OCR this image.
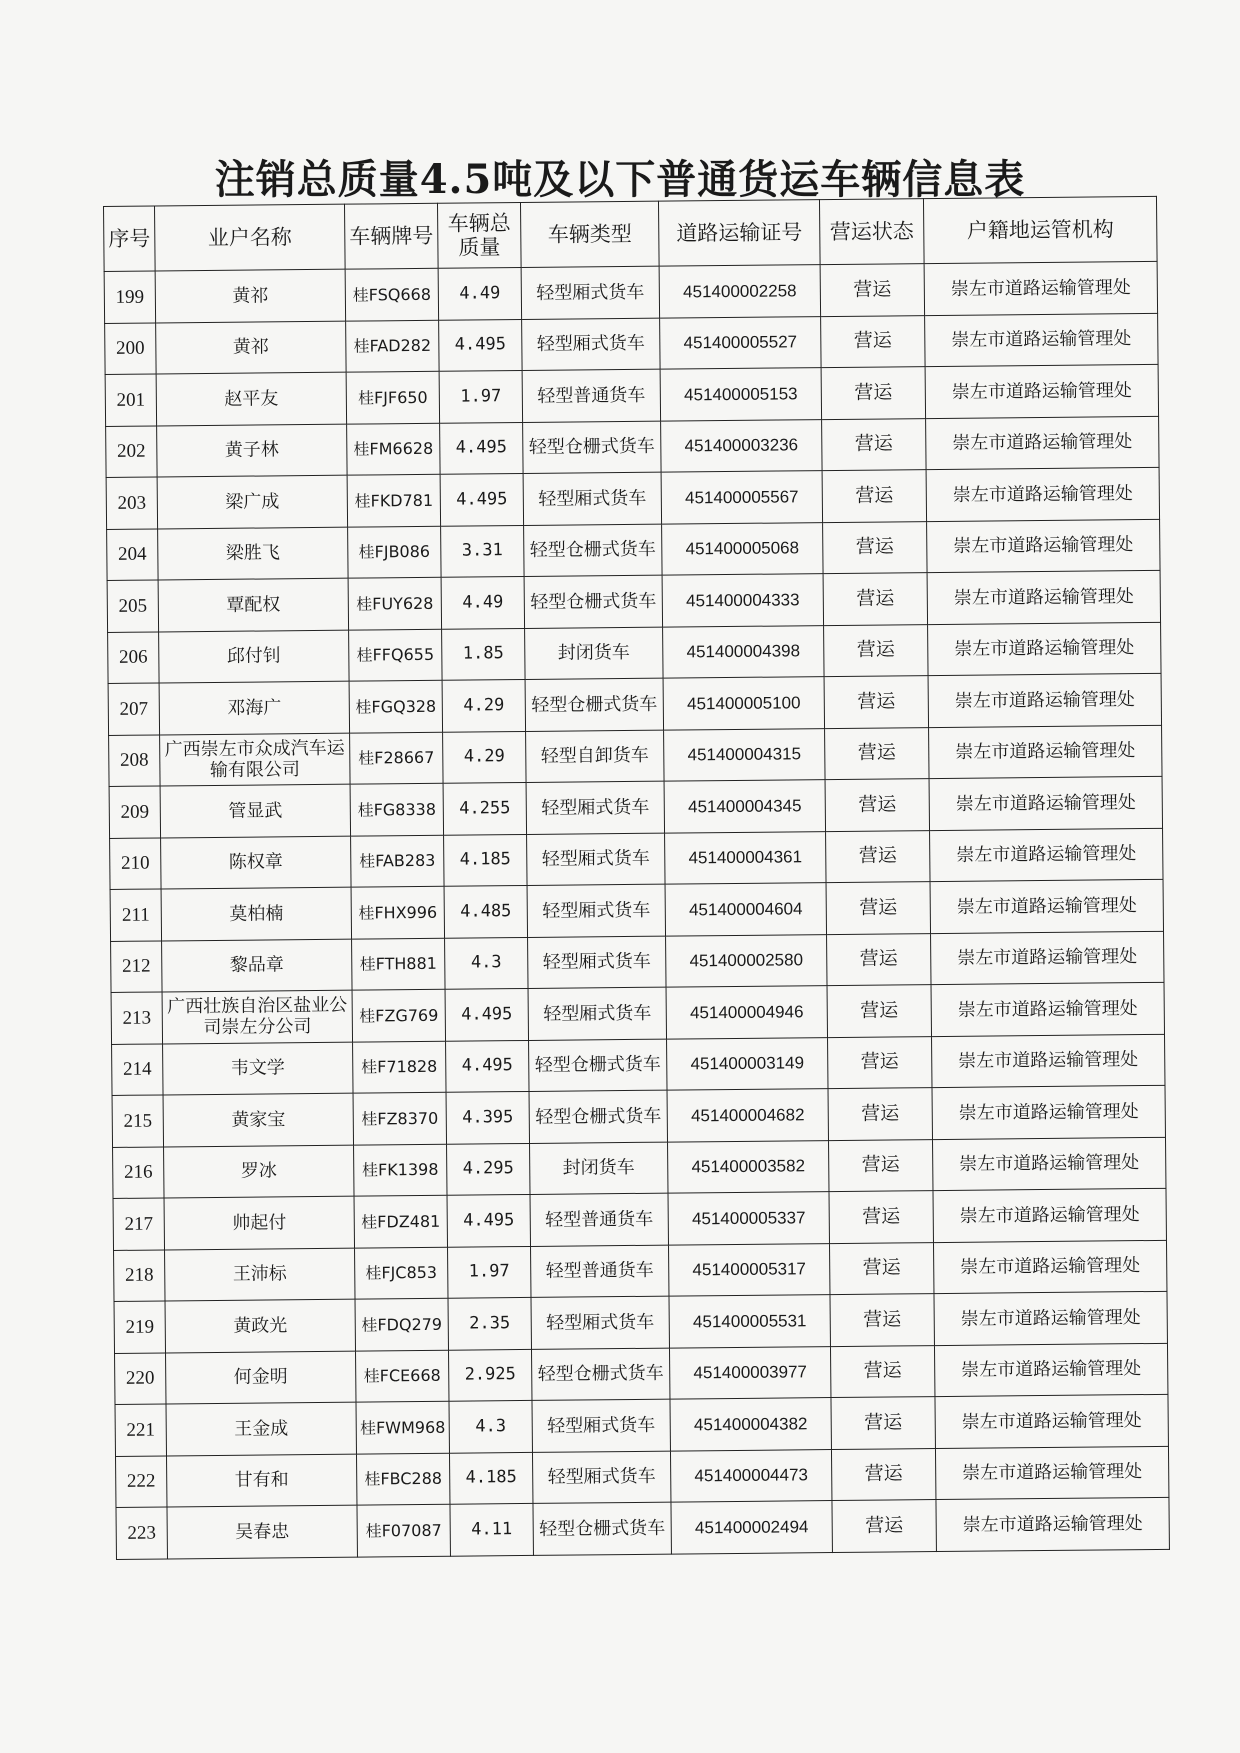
注销总质量4.5吨及以下普通货运车辆信息表
序号	业户名称	车辆牌号	车辆总质量	车辆类型	道路运输证号	营运状态	户籍地运管机构
199	黄祁	桂FSQ668	4.49	轻型厢式货车	451400002258	营运	崇左市道路运输管理处
200	黄祁	桂FAD282	4.495	轻型厢式货车	451400005527	营运	崇左市道路运输管理处
201	赵平友	桂FJF650	1.97	轻型普通货车	451400005153	营运	崇左市道路运输管理处
202	黄子林	桂FM6628	4.495	轻型仓栅式货车	451400003236	营运	崇左市道路运输管理处
203	梁广成	桂FKD781	4.495	轻型厢式货车	451400005567	营运	崇左市道路运输管理处
204	梁胜飞	桂FJB086	3.31	轻型仓栅式货车	451400005068	营运	崇左市道路运输管理处
205	覃配权	桂FUY628	4.49	轻型仓栅式货车	451400004333	营运	崇左市道路运输管理处
206	邱付钊	桂FFQ655	1.85	封闭货车	451400004398	营运	崇左市道路运输管理处
207	邓海广	桂FGQ328	4.29	轻型仓栅式货车	451400005100	营运	崇左市道路运输管理处
208	广西崇左市众成汽车运输有限公司	桂F28667	4.29	轻型自卸货车	451400004315	营运	崇左市道路运输管理处
209	管显武	桂FG8338	4.255	轻型厢式货车	451400004345	营运	崇左市道路运输管理处
210	陈权章	桂FAB283	4.185	轻型厢式货车	451400004361	营运	崇左市道路运输管理处
211	莫柏楠	桂FHX996	4.485	轻型厢式货车	451400004604	营运	崇左市道路运输管理处
212	黎品章	桂FTH881	4.3	轻型厢式货车	451400002580	营运	崇左市道路运输管理处
213	广西壮族自治区盐业公司崇左分公司	桂FZG769	4.495	轻型厢式货车	451400004946	营运	崇左市道路运输管理处
214	韦文学	桂F71828	4.495	轻型仓栅式货车	451400003149	营运	崇左市道路运输管理处
215	黄家宝	桂FZ8370	4.395	轻型仓栅式货车	451400004682	营运	崇左市道路运输管理处
216	罗冰	桂FK1398	4.295	封闭货车	451400003582	营运	崇左市道路运输管理处
217	帅起付	桂FDZ481	4.495	轻型普通货车	451400005337	营运	崇左市道路运输管理处
218	王沛标	桂FJC853	1.97	轻型普通货车	451400005317	营运	崇左市道路运输管理处
219	黄政光	桂FDQ279	2.35	轻型厢式货车	451400005531	营运	崇左市道路运输管理处
220	何金明	桂FCE668	2.925	轻型仓栅式货车	451400003977	营运	崇左市道路运输管理处
221	王金成	桂FWM968	4.3	轻型厢式货车	451400004382	营运	崇左市道路运输管理处
222	甘有和	桂FBC288	4.185	轻型厢式货车	451400004473	营运	崇左市道路运输管理处
223	吴春忠	桂F07087	4.11	轻型仓栅式货车	451400002494	营运	崇左市道路运输管理处
